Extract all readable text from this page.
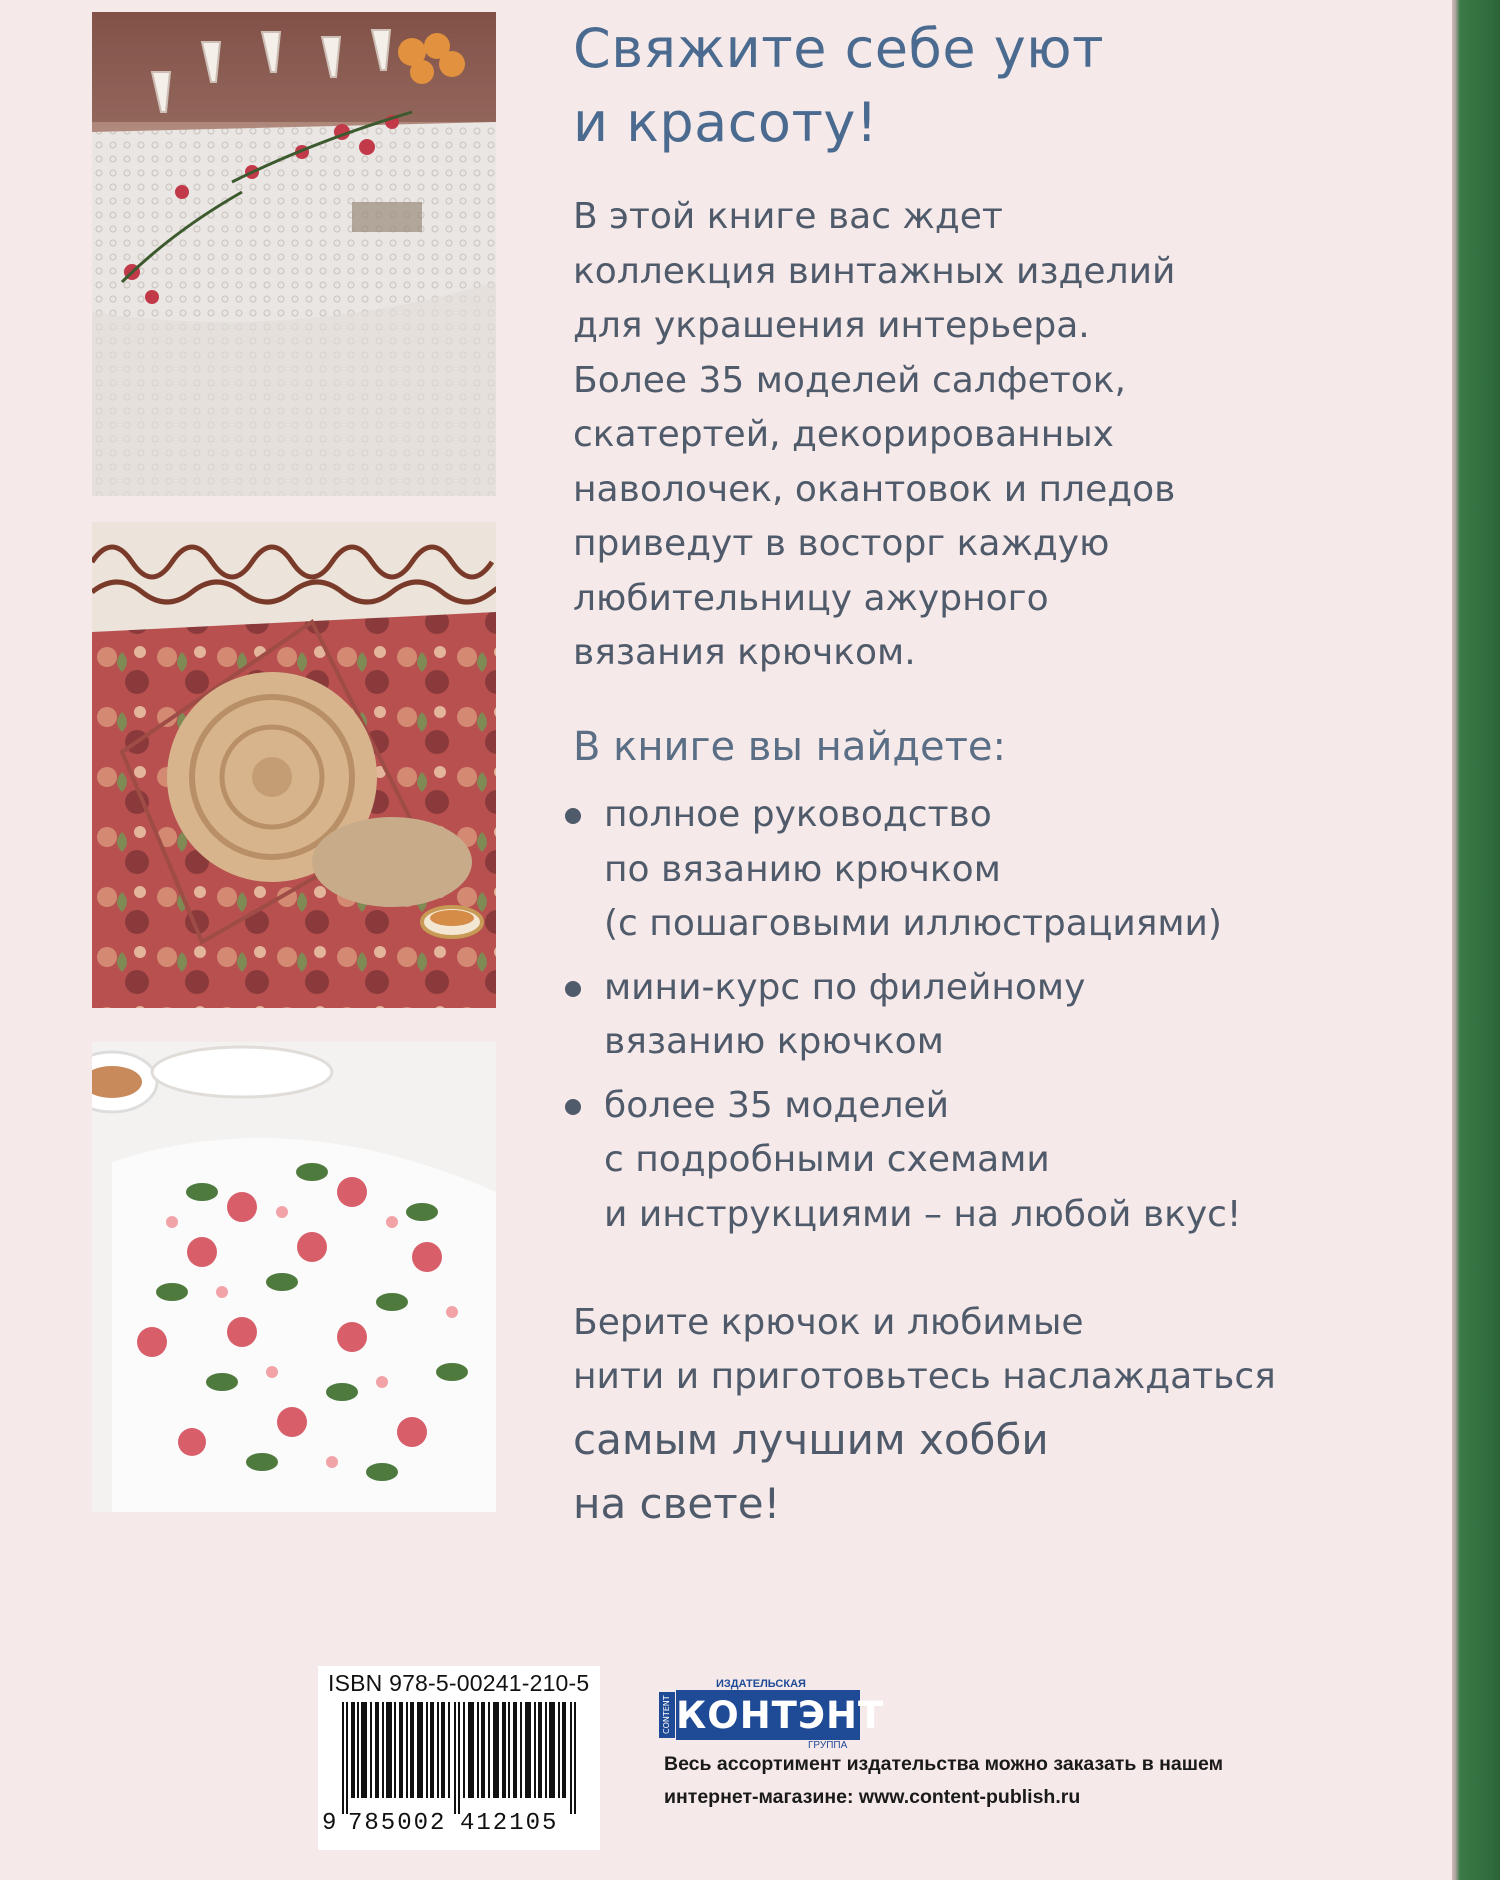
Свяжите себе уют
и красоту!

В этой книге вас ждет
коллекция винтажных изделий
для украшения интерьера.
Более 35 моделей салфеток,
скатертей, декорированных
наволочек, окантовок и пледов
приведут в восторг каждую
любительницу ажурного
вязания крючком.

В книге вы найдете:
полное руководство
по вязанию крючком
(с пошаговыми иллюстрациями)
мини-курс по филейному
вязанию крючком
более 35 моделей
с подробными схемами
и инструкциями – на любой вкус!

Берите крючок и любимые

нити и приготовьтесь наслаждаться

самым лучшим хобби

на свете!

ISBN 978-5-00241-210-5
9 785002 412105
ИЗДАТЕЛЬСКАЯ
CONTENT КОНТЭНТ
ГРУППА

Весь ассортимент издательства можно заказать в нашем
интернет-магазине: www.content-publish.ru
